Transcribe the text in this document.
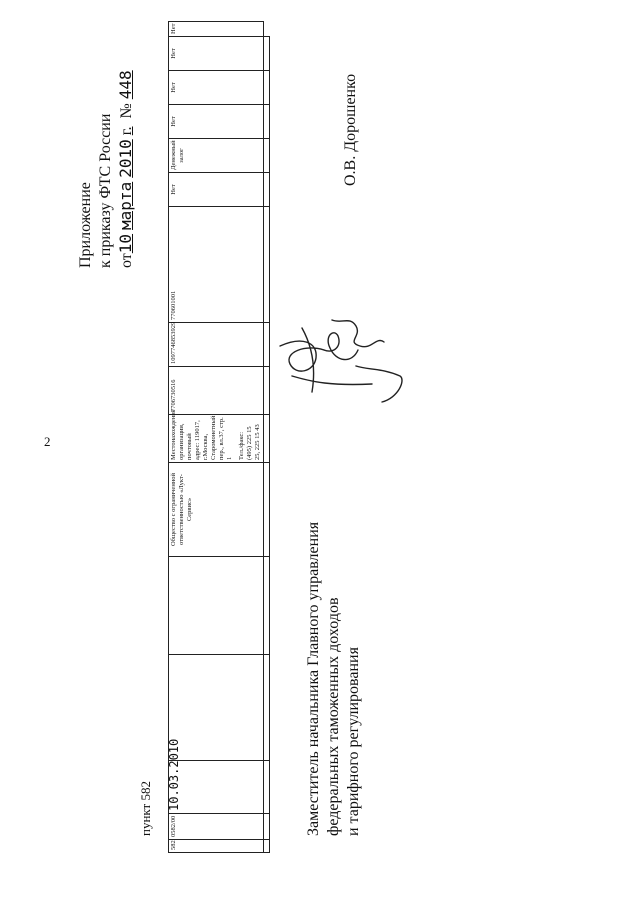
2
Приложение к приказу ФТС России от10 марта 2010 г.  № 448
пункт 582
582	0582/00	10.03.2010			Общество с ограниченной ответственностью «Лукт-Сервис»	Местонахождение организации, почтовый адрес: 119017, г.Москва, Старомонетный пер., вл.37, стр. 1 Тел./факс: (495) 225 15 25, 225 15 43	7706730516	1097746853929	770601001	Нет	Денежный залог	Нет	Нет	Нет	Нет

Заместитель начальника Главного управления федеральных таможенных доходов и тарифного регулирования
О.В. Дорошенко
